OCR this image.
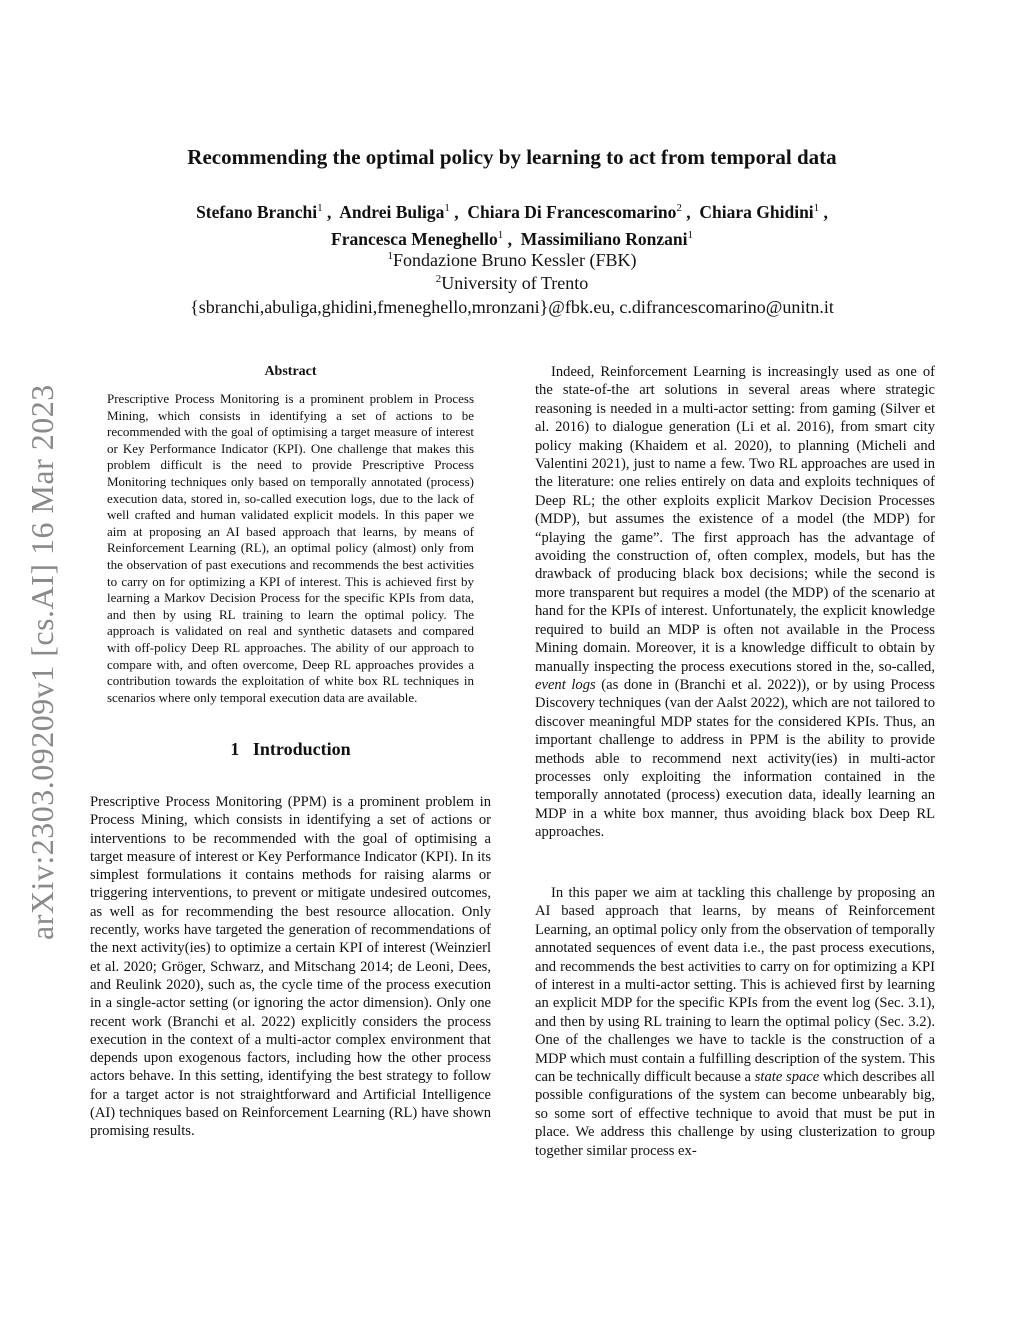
arXiv:2303.09209v1 [cs.AI] 16 Mar 2023
Recommending the optimal policy by learning to act from temporal data
Stefano Branchi$^1$ ,  Andrei Buliga$^1$ ,  Chiara Di Francescomarino$^2$ ,  Chiara Ghidini$^1$ ,
Francesca Meneghello$^1$ ,  Massimiliano Ronzani$^1$
$^1$Fondazione Bruno Kessler (FBK)
$^2$University of Trento
{sbranchi,abuliga,ghidini,fmeneghello,mronzani}@fbk.eu, c.difrancescomarino@unitn.it
Abstract
Prescriptive Process Monitoring is a prominent problem in Process Mining, which consists in identifying a set of actions to be recommended with the goal of optimising a target measure of interest or Key Performance Indicator (KPI). One challenge that makes this problem difficult is the need to provide Prescriptive Process Monitoring techniques only based on temporally annotated (process) execution data, stored in, so-called execution logs, due to the lack of well crafted and human validated explicit models. In this paper we aim at proposing an AI based approach that learns, by means of Reinforcement Learning (RL), an optimal policy (almost) only from the observation of past executions and recommends the best activities to carry on for optimizing a KPI of interest. This is achieved first by learning a Markov Decision Process for the specific KPIs from data, and then by using RL training to learn the optimal policy. The approach is validated on real and synthetic datasets and compared with off-policy Deep RL approaches. The ability of our approach to compare with, and often overcome, Deep RL approaches provides a contribution towards the exploitation of white box RL techniques in scenarios where only temporal execution data are available.
1 Introduction
Prescriptive Process Monitoring (PPM) is a prominent problem in Process Mining, which consists in identifying a set of actions or interventions to be recommended with the goal of optimising a target measure of interest or Key Performance Indicator (KPI). In its simplest formulations it contains methods for raising alarms or triggering interventions, to prevent or mitigate undesired outcomes, as well as for recommending the best resource allocation. Only recently, works have targeted the generation of recommendations of the next activity(ies) to optimize a certain KPI of interest (Weinzierl et al. 2020; Gröger, Schwarz, and Mitschang 2014; de Leoni, Dees, and Reulink 2020), such as, the cycle time of the process execution in a single-actor setting (or ignoring the actor dimension). Only one recent work (Branchi et al. 2022) explicitly considers the process execution in the context of a multi-actor complex environment that depends upon exogenous factors, including how the other process actors behave. In this setting, identifying the best strategy to follow for a target actor is not straightforward and Artificial Intelligence (AI) techniques based on Reinforcement Learning (RL) have shown promising results.

Indeed, Reinforcement Learning is increasingly used as one of the state-of-the art solutions in several areas where strategic reasoning is needed in a multi-actor setting: from gaming (Silver et al. 2016) to dialogue generation (Li et al. 2016), from smart city policy making (Khaidem et al. 2020), to planning (Micheli and Valentini 2021), just to name a few. Two RL approaches are used in the literature: one relies entirely on data and exploits techniques of Deep RL; the other exploits explicit Markov Decision Processes (MDP), but assumes the existence of a model (the MDP) for “playing the game”. The first approach has the advantage of avoiding the construction of, often complex, models, but has the drawback of producing black box decisions; while the second is more transparent but requires a model (the MDP) of the scenario at hand for the KPIs of interest. Unfortunately, the explicit knowledge required to build an MDP is often not available in the Process Mining domain. Moreover, it is a knowledge difficult to obtain by manually inspecting the process executions stored in the, so-called, event logs (as done in (Branchi et al. 2022)), or by using Process Discovery techniques (van der Aalst 2022), which are not tailored to discover meaningful MDP states for the considered KPIs. Thus, an important challenge to address in PPM is the ability to provide methods able to recommend next activity(ies) in multi-actor processes only exploiting the information contained in the temporally annotated (process) execution data, ideally learning an MDP in a white box manner, thus avoiding black box Deep RL approaches.

In this paper we aim at tackling this challenge by proposing an AI based approach that learns, by means of Reinforcement Learning, an optimal policy only from the observation of temporally annotated sequences of event data i.e., the past process executions, and recommends the best activities to carry on for optimizing a KPI of interest in a multi-actor setting. This is achieved first by learning an explicit MDP for the specific KPIs from the event log (Sec. 3.1), and then by using RL training to learn the optimal policy (Sec. 3.2). One of the challenges we have to tackle is the construction of a MDP which must contain a fulfilling description of the system. This can be technically difficult because a state space which describes all possible configurations of the system can become unbearably big, so some sort of effective technique to avoid that must be put in place. We address this challenge by using clusterization to group together similar process ex-
